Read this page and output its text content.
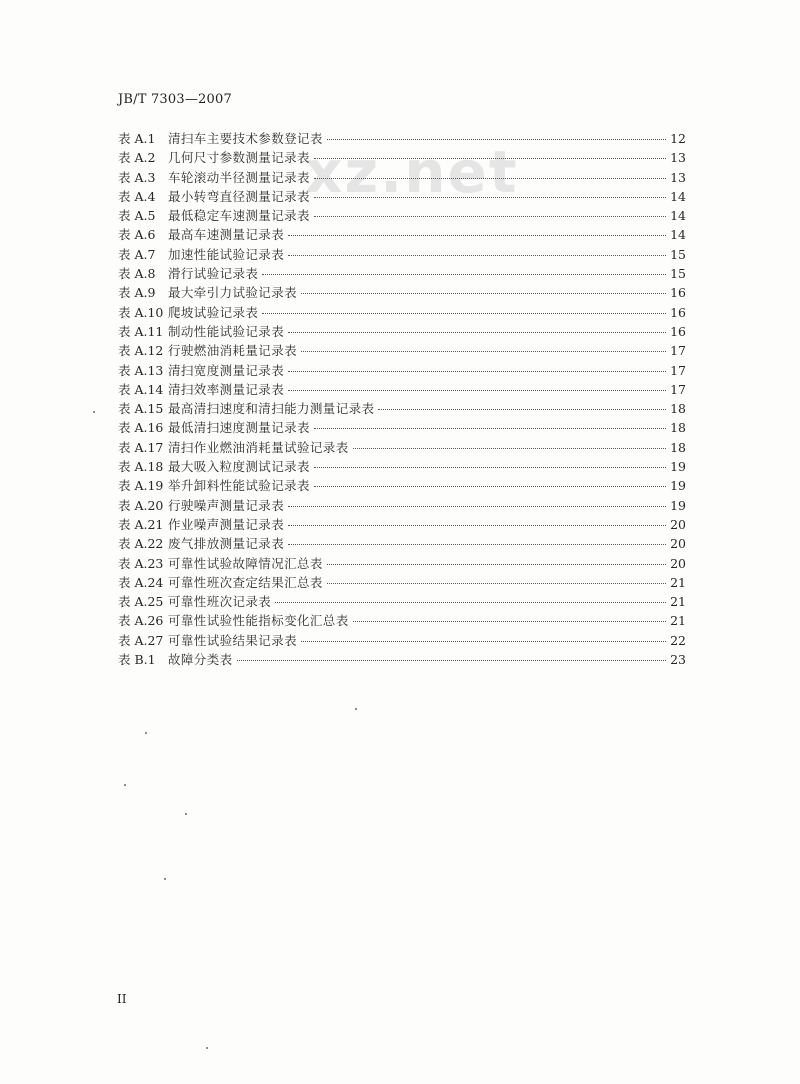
JB/T 7303—2007
xz.net
表 A.1	清扫车主要技术参数登记表	12
表 A.2	几何尺寸参数测量记录表	13
表 A.3	车轮滚动半径测量记录表	13
表 A.4	最小转弯直径测量记录表	14
表 A.5	最低稳定车速测量记录表	14
表 A.6	最高车速测量记录表	14
表 A.7	加速性能试验记录表	15
表 A.8	滑行试验记录表	15
表 A.9	最大牵引力试验记录表	16
表 A.10 爬坡试验记录表	16
表 A.11 制动性能试验记录表	16
表 A.12 行驶燃油消耗量记录表	17
表 A.13 清扫宽度测量记录表	17
表 A.14 清扫效率测量记录表	17
表 A.15 最高清扫速度和清扫能力测量记录表	18
表 A.16 最低清扫速度测量记录表	18
表 A.17 清扫作业燃油消耗量试验记录表	18
表 A.18 最大吸入粒度测试记录表	19
表 A.19 举升卸料性能试验记录表	19
表 A.20 行驶噪声测量记录表	19
表 A.21 作业噪声测量记录表	20
表 A.22 废气排放测量记录表	20
表 A.23 可靠性试验故障情况汇总表	20
表 A.24 可靠性班次查定结果汇总表	21
表 A.25 可靠性班次记录表	21
表 A.26 可靠性试验性能指标变化汇总表	21
表 A.27 可靠性试验结果记录表	22
表 B.1 故障分类表	23
II
